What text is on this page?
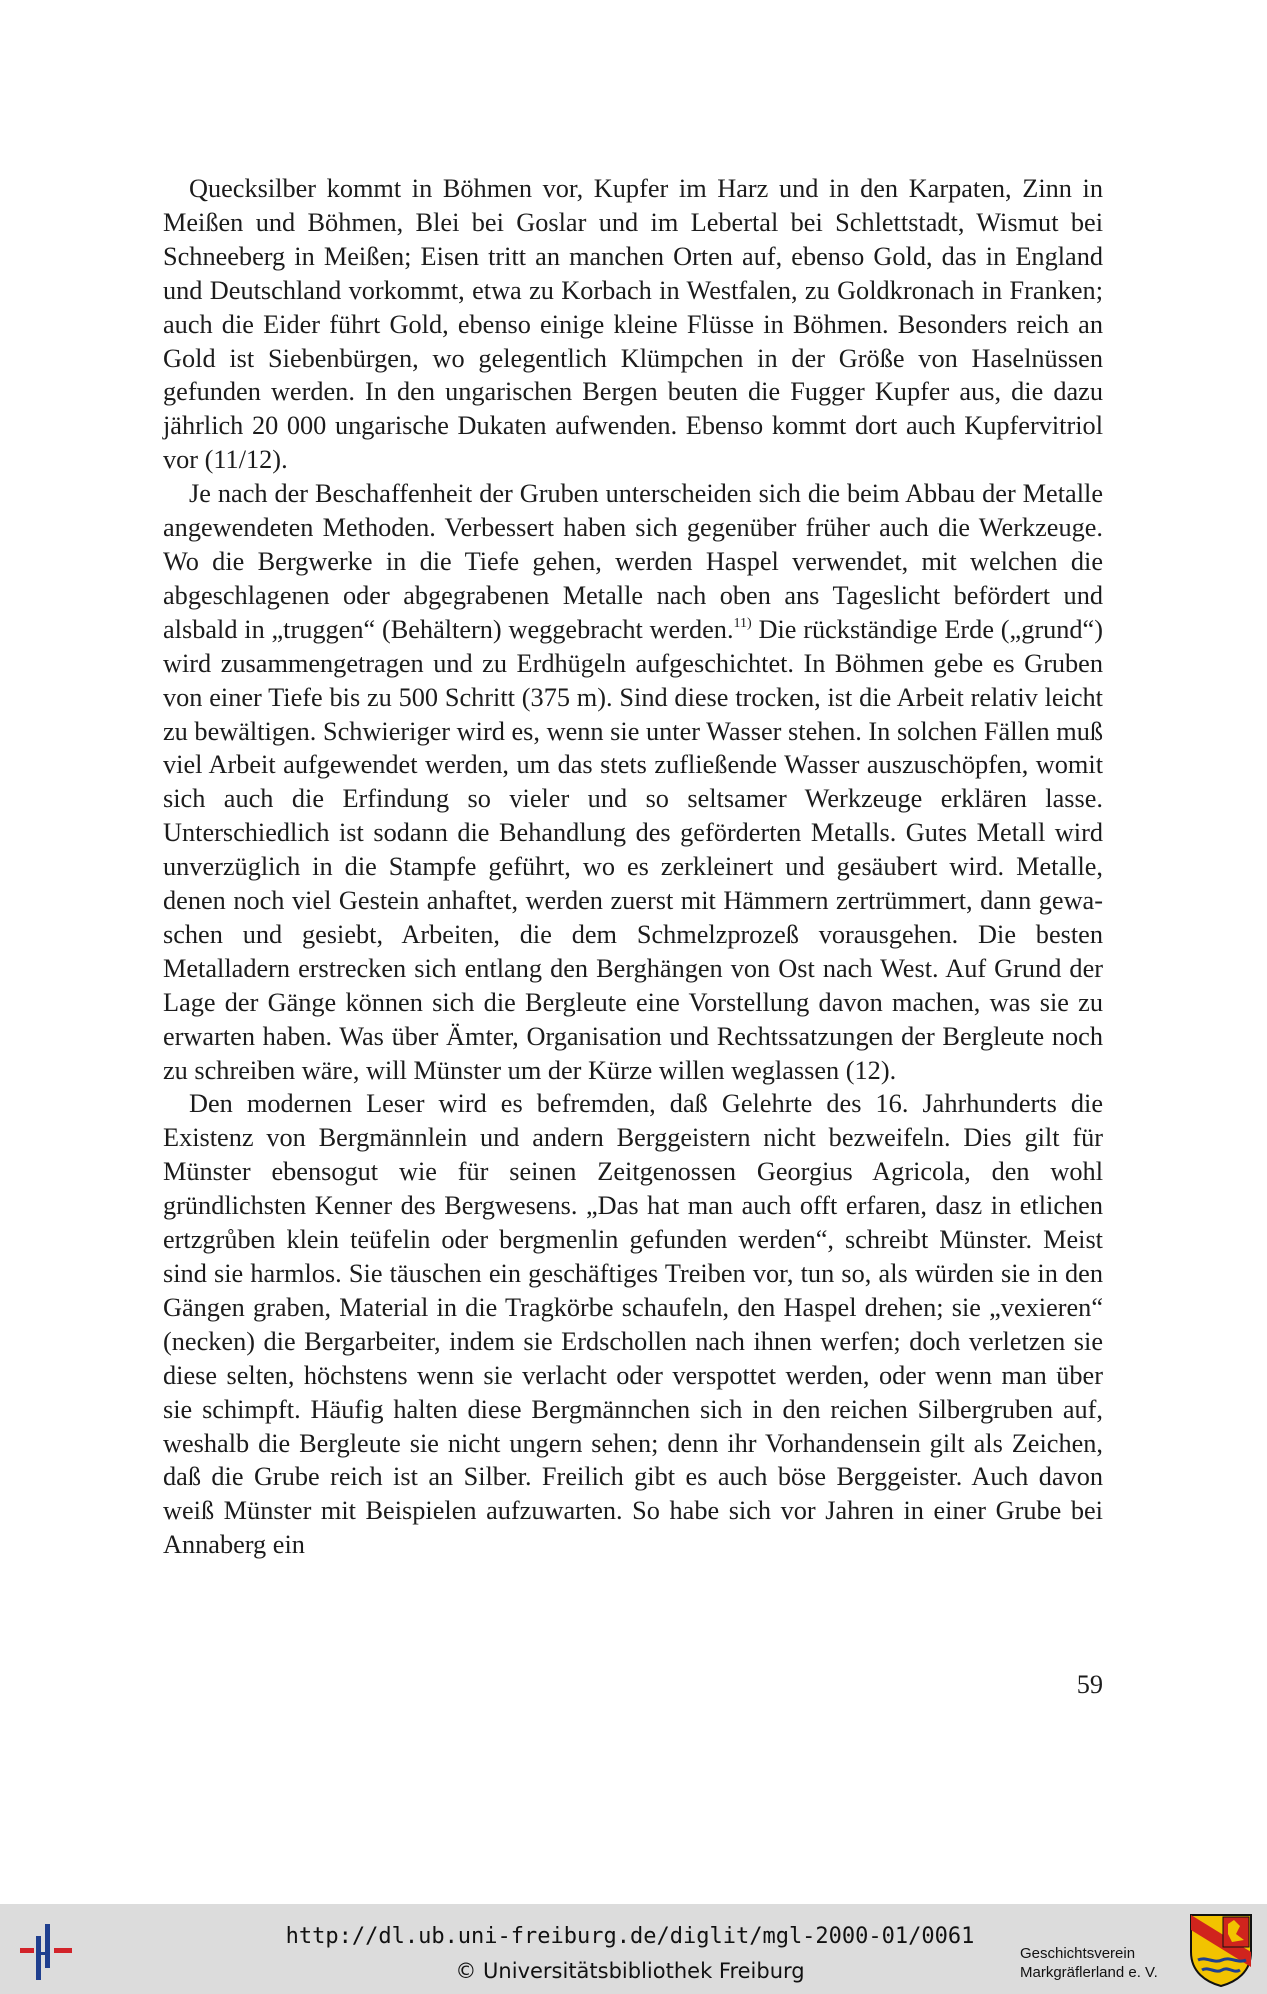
Quecksilber kommt in Böhmen vor, Kupfer im Harz und in den Karpaten, Zinn in Meißen und Böhmen, Blei bei Goslar und im Lebertal bei Schlettstadt, Wismut bei Schneeberg in Meißen; Eisen tritt an manchen Orten auf, ebenso Gold, das in England und Deutschland vorkommt, etwa zu Korbach in Westfalen, zu Goldkronach in Franken; auch die Eider führt Gold, ebenso einige kleine Flüsse in Böhmen. Besonders reich an Gold ist Siebenbürgen, wo gelegentlich Klümpchen in der Größe von Haselnüssen gefunden werden. In den ungarischen Bergen beuten die Fugger Kupfer aus, die dazu jährlich 20 000 ungarische Dukaten aufwenden. Ebenso kommt dort auch Kupfervitriol vor (11/12).

Je nach der Beschaffenheit der Gruben unterscheiden sich die beim Abbau der Metalle angewendeten Methoden. Verbessert haben sich gegenüber früher auch die Werkzeuge. Wo die Bergwerke in die Tiefe gehen, werden Haspel verwendet, mit welchen die abgeschlagenen oder abgegrabenen Metalle nach oben ans Tageslicht befördert und alsbald in „truggen“ (Behältern) weggebracht werden.$^{11)}$ Die rückständige Erde („grund“) wird zusammengetragen und zu Erdhügeln aufgeschichtet. In Böhmen gebe es Gruben von einer Tiefe bis zu 500 Schritt (375 m). Sind diese trocken, ist die Arbeit relativ leicht zu bewältigen. Schwieriger wird es, wenn sie unter Wasser stehen. In solchen Fällen muß viel Arbeit aufgewendet werden, um das stets zufließende Wasser auszuschöpfen, womit sich auch die Erfindung so vieler und so seltsamer Werkzeuge erklären lasse. Unterschiedlich ist sodann die Behandlung des geförderten Metalls. Gutes Metall wird unverzüglich in die Stampfe geführt, wo es zerkleinert und gesäubert wird. Metalle, denen noch viel Gestein anhaftet, werden zuerst mit Hämmern zertrümmert, dann gewaschen und gesiebt, Arbeiten, die dem Schmelzprozeß vorausgehen. Die besten Metalladern erstrecken sich entlang den Berghängen von Ost nach West. Auf Grund der Lage der Gänge können sich die Bergleute eine Vorstellung davon machen, was sie zu erwarten haben. Was über Ämter, Organisation und Rechtssatzungen der Bergleute noch zu schreiben wäre, will Münster um der Kürze willen weglassen (12).

Den modernen Leser wird es befremden, daß Gelehrte des 16. Jahrhunderts die Existenz von Bergmännlein und andern Berggeistern nicht bezweifeln. Dies gilt für Münster ebensogut wie für seinen Zeitgenossen Georgius Agricola, den wohl gründlichsten Kenner des Bergwesens. „Das hat man auch offt erfaren, dasz in etlichen ertzgrůben klein teüfelin oder bergmenlin gefunden werden“, schreibt Münster. Meist sind sie harmlos. Sie täuschen ein geschäftiges Treiben vor, tun so, als würden sie in den Gängen graben, Material in die Tragkörbe schaufeln, den Haspel drehen; sie „vexieren“ (necken) die Bergarbeiter, indem sie Erdschollen nach ihnen werfen; doch verletzen sie diese selten, höchstens wenn sie verlacht oder verspottet werden, oder wenn man über sie schimpft. Häufig halten diese Bergmännchen sich in den reichen Silbergruben auf, weshalb die Bergleute sie nicht ungern sehen; denn ihr Vorhandensein gilt als Zeichen, daß die Grube reich ist an Silber. Freilich gibt es auch böse Berggeister. Auch davon weiß Münster mit Beispielen aufzuwarten. So habe sich vor Jahren in einer Grube bei Annaberg ein

59
http://dl.ub.uni-freiburg.de/diglit/mgl-2000-01/0061
© Universitätsbibliothek Freiburg
Geschichtsverein
Markgräflerland e. V.
